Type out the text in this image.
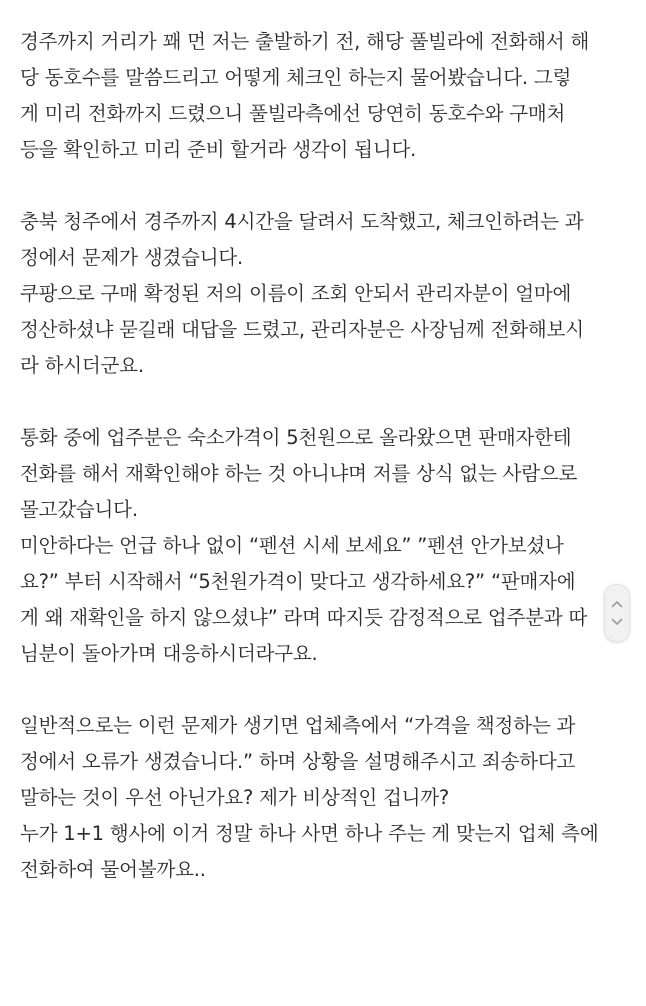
경주까지 거리가 꽤 먼 저는 출발하기 전, 해당 풀빌라에 전화해서 해
당 동호수를 말씀드리고 어떻게 체크인 하는지 물어봤습니다. 그렇
게 미리 전화까지 드렸으니 풀빌라측에선 당연히 동호수와 구매처
등을 확인하고 미리 준비 할거라 생각이 됩니다.
충북 청주에서 경주까지 4시간을 달려서 도착했고, 체크인하려는 과
정에서 문제가 생겼습니다.
쿠팡으로 구매 확정된 저의 이름이 조회 안되서 관리자분이 얼마에
정산하셨냐 묻길래 대답을 드렸고, 관리자분은 사장님께 전화해보시
라 하시더군요.
통화 중에 업주분은 숙소가격이 5천원으로 올라왔으면 판매자한테
전화를 해서 재확인해야 하는 것 아니냐며 저를 상식 없는 사람으로
몰고갔습니다.
미안하다는 언급 하나 없이 “펜션 시세 보세요” ”펜션 안가보셨나
요?” 부터 시작해서 “5천원가격이 맞다고 생각하세요?” “판매자에
게 왜 재확인을 하지 않으셨냐” 라며 따지듯 감정적으로 업주분과 따
님분이 돌아가며 대응하시더라구요.
일반적으로는 이런 문제가 생기면 업체측에서 “가격을 책정하는 과
정에서 오류가 생겼습니다.” 하며 상황을 설명해주시고 죄송하다고
말하는 것이 우선 아닌가요? 제가 비상적인 겁니까?
누가 1+1 행사에 이거 정말 하나 사면 하나 주는 게 맞는지 업체 측에
전화하여 물어볼까요..
